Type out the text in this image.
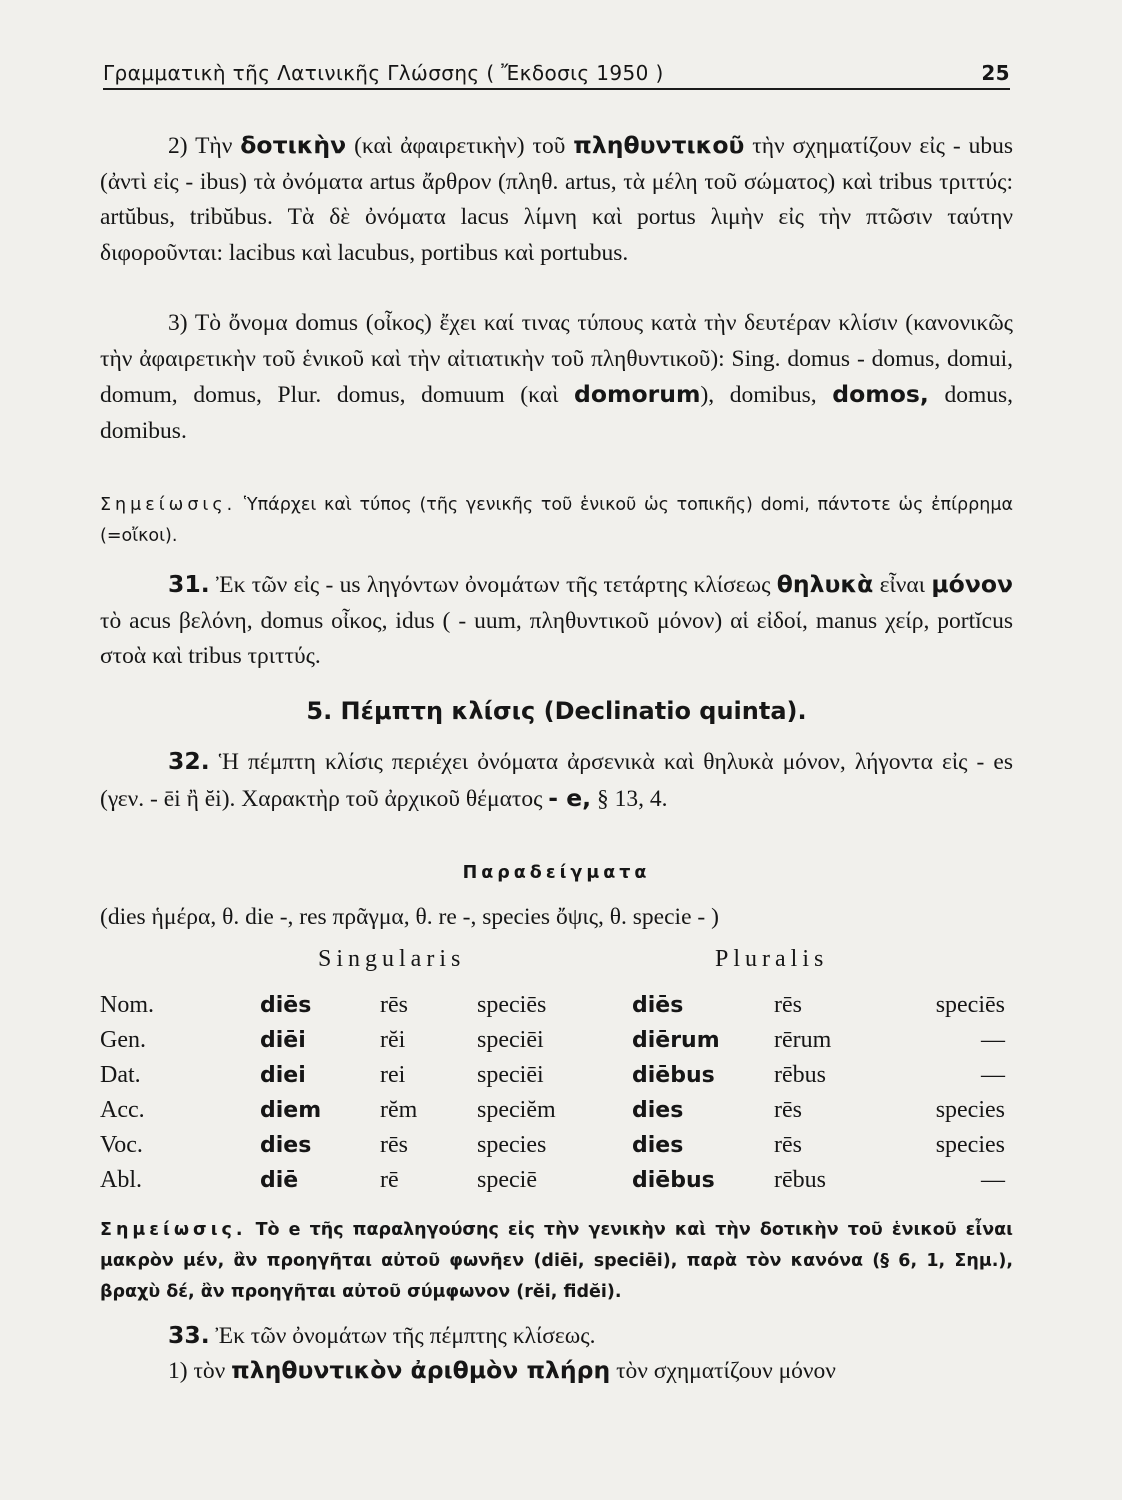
Γραμματικὴ τῆς Λατινικῆς Γλώσσης ( Ἔκδοσις 1950 )	25
2) Τὴν δοτικὴν (καὶ ἀφαιρετικὴν) τοῦ πληθυντικοῦ τὴν σχηματίζουν εἰς - ubus (ἀντὶ εἰς - ibus) τὰ ὀνόματα artus ἄρθρον (πληθ. artus, τὰ μέλη τοῦ σώματος) καὶ tribus τριττύς: artŭbus, tribŭbus. Τὰ δὲ ὀνόματα lacus λίμνη καὶ portus λιμὴν εἰς τὴν πτῶσιν ταύτην διφοροῦνται: lacibus καὶ lacubus, portibus καὶ portubus.
3) Τὸ ὄνομα domus (οἶκος) ἔχει καί τινας τύπους κατὰ τὴν δευτέραν κλίσιν (κανονικῶς τὴν ἀφαιρετικὴν τοῦ ἑνικοῦ καὶ τὴν αἰτιατικὴν τοῦ πληθυντικοῦ): Sing. domus - domus, domui, domum, domus, Plur. domus, domuum (καὶ domorum), domibus, domos, domus, domibus.
Σημείωσις. Ὑπάρχει καὶ τύπος (τῆς γενικῆς τοῦ ἑνικοῦ ὡς τοπικῆς) domi, πάντοτε ὡς ἐπίρρημα (=οἴκοι).
31. Ἐκ τῶν εἰς - us ληγόντων ὀνομάτων τῆς τετάρτης κλίσεως θηλυκὰ εἶναι μόνον τὸ acus βελόνη, domus οἶκος, idus ( - uum, πληθυντικοῦ μόνον) αἱ εἰδοί, manus χείρ, portĭcus στοὰ καὶ tribus τριττύς.
5. Πέμπτη κλίσις (Declinatio quinta).
32. Ἡ πέμπτη κλίσις περιέχει ὀνόματα ἀρσενικὰ καὶ θηλυκὰ μόνον, λήγοντα εἰς - es (γεν. - ēi ἢ ĕi). Χαρακτὴρ τοῦ ἀρχικοῦ θέματος - e, § 13, 4.
Παραδείγματα
(dies ἡμέρα, θ. die -, res πρᾶγμα, θ. re -, species ὄψις, θ. specie - )
Singularis	Pluralis
Nom.	diēs	rēs	speciēs	diēs	rēs	speciēs
Gen.	diēi	rĕi	speciēi	diērum	rērum	—
Dat.	diei	rei	speciēi	diēbus	rēbus	—
Acc.	diem	rĕm	speciĕm	dies	rēs	species
Voc.	dies	rēs	species	dies	rēs	species
Abl.	diē	rē	speciē	diēbus	rēbus	—
Σημείωσις. Τὸ e τῆς παραληγούσης εἰς τὴν γενικὴν καὶ τὴν δοτικὴν τοῦ ἑνικοῦ εἶναι μακρὸν μέν, ἂν προηγῆται αὐτοῦ φωνῆεν (diēi, speciēi), παρὰ τὸν κανόνα (§ 6, 1, Σημ.), βραχὺ δέ, ἂν προηγῆται αὐτοῦ σύμφωνον (rĕi, fidĕi).
33. Ἐκ τῶν ὀνομάτων τῆς πέμπτης κλίσεως.
1) τὸν πληθυντικὸν ἀριθμὸν πλήρη τὸν σχηματίζουν μόνον
